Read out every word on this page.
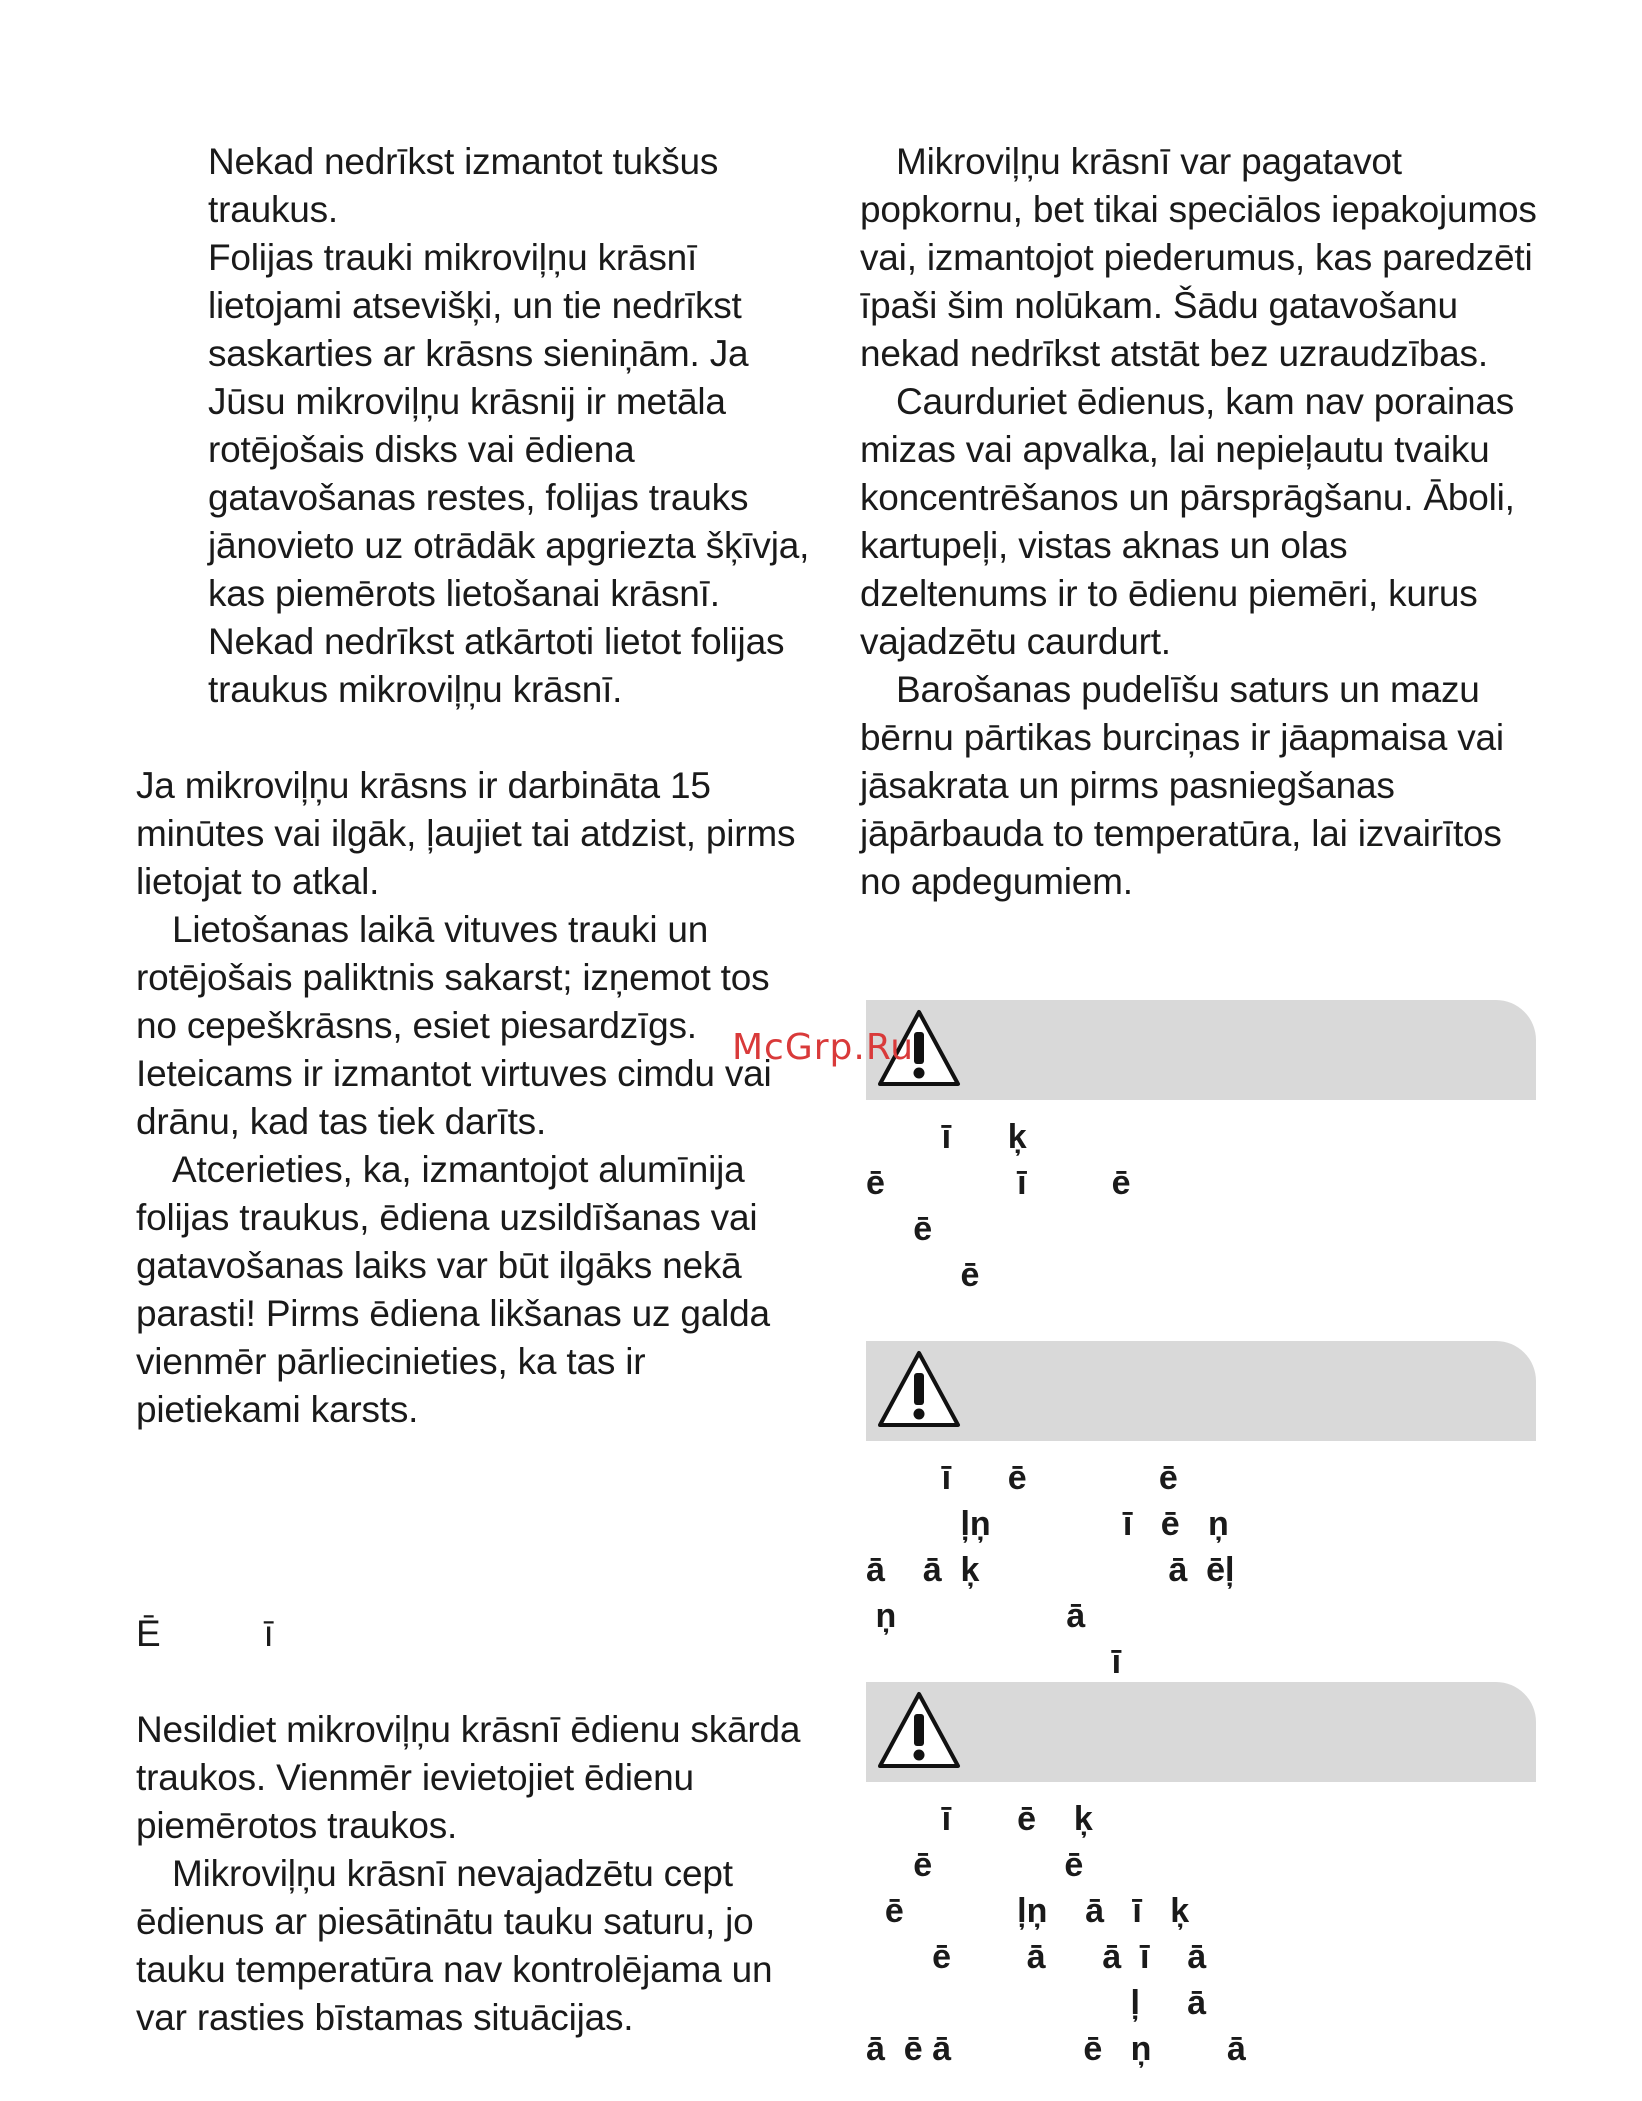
Nekad nedrīkst izmantot tukšus traukus.

Folijas trauki mikroviļņu krāsnī lietojami atsevišķi, un tie nedrīkst saskarties ar krāsns sieniņām. Ja Jūsu mikroviļņu krāsnij ir metāla rotējošais disks vai ēdiena gatavošanas restes, folijas trauks jānovieto uz otrādāk apgriezta šķīvja, kas piemērots lietošanai krāsnī.

Nekad nedrīkst atkārtoti lietot folijas traukus mikroviļņu krāsnī.

Ja mikroviļņu krāsns ir darbināta 15 minūtes vai ilgāk, ļaujiet tai atdzist, pirms lietojat to atkal.

Lietošanas laikā vituves trauki un rotējošais paliktnis sakarst; izņemot tos no cepeškrāsns, esiet piesardzīgs. Ieteicams ir izmantot virtuves cimdu vai drānu, kad tas tiek darīts.

Atcerieties, ka, izmantojot alumīnija folijas traukus, ēdiena uzsildīšanas vai gatavošanas laiks var būt ilgāks nekā parasti! Pirms ēdiena likšanas uz galda vienmēr pārliecinieties, ka tas ir pietiekami karsts.

Ē          ī

Nesildiet mikroviļņu krāsnī ēdienu skārda traukos. Vienmēr ievietojiet ēdienu piemērotos traukos.

Mikroviļņu krāsnī nevajadzētu cept ēdienus ar piesātinātu tauku saturu, jo tauku temperatūra nav kontrolējama un var rasties bīstamas situācijas.

Mikroviļņu krāsnī var pagatavot popkornu, bet tikai speciālos iepakojumos vai, izmantojot piederumus, kas paredzēti īpaši šim nolūkam. Šādu gatavošanu nekad nedrīkst atstāt bez uzraudzības.

Caurduriet ēdienus, kam nav porainas mizas vai apvalka, lai nepieļautu tvaiku koncentrēšanos un pārsprāgšanu. Āboli, kartupeļi, vistas aknas un olas dzeltenums ir to ēdienu piemēri, kurus vajadzētu caurdurt.

Barošanas pudelīšu saturs un mazu bērnu pārtikas burciņas ir jāapmaisa vai jāsakrata un pirms pasniegšanas jāpārbauda to temperatūra, lai izvairītos no apdegumiem.

ī      ķ
ē              ī         ē
ē
ē

ī      ē              ē
ļņ              ī   ē   ņ
ā    ā  ķ                    ā  ēļ
ņ                  ā
ī

ī       ē    ķ
ē              ē
ē            ļņ    ā   ī   ķ
ē        ā      ā  ī    ā
ļ     ā
ā  ē ā              ē   ņ        ā

McGrp.Ru
